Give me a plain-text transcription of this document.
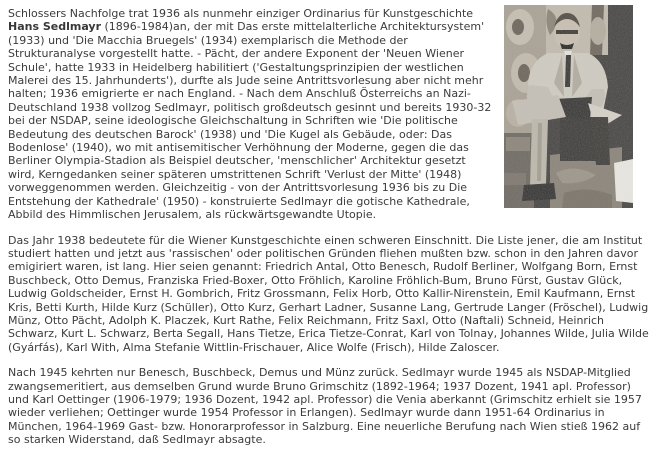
Schlossers Nachfolge trat 1936 als nunmehr einziger Ordinarius für Kunstgeschichte Hans Sedlmayr (1896-1984)an, der mit Das erste mittelalterliche Architektursystem' (1933) und 'Die Macchia Bruegels' (1934) exemplarisch die Methode der Strukturanalyse vorgestellt hatte. - Pächt, der andere Exponent der 'Neuen Wiener Schule', hatte 1933 in Heidelberg habilitiert ('Gestaltungsprinzipien der westlichen Malerei des 15. Jahrhunderts'), durfte als Jude seine Antrittsvorlesung aber nicht mehr halten; 1936 emigrierte er nach England. - Nach dem Anschluß Österreichs an Nazi-Deutschland 1938 vollzog Sedlmayr, politisch großdeutsch gesinnt und bereits 1930-32 bei der NSDAP, seine ideologische Gleichschaltung in Schriften wie 'Die politische Bedeutung des deutschen Barock' (1938) und 'Die Kugel als Gebäude, oder: Das Bodenlose' (1940), wo mit antisemitischer Verhöhnung der Moderne, gegen die das Berliner Olympia-Stadion als Beispiel deutscher, 'menschlicher' Architektur gesetzt wird, Kerngedanken seiner späteren umstrittenen Schrift 'Verlust der Mitte' (1948) vorweggenommen werden. Gleichzeitig - von der Antrittsvorlesung 1936 bis zu Die Entstehung der Kathedrale' (1950) - konstruierte Sedlmayr die gotische Kathedrale, Abbild des Himmlischen Jerusalem, als rückwärtsgewandte Utopie.

Das Jahr 1938 bedeutete für die Wiener Kunstgeschichte einen schweren Einschnitt. Die Liste jener, die am Institut studiert hatten und jetzt aus 'rassischen' oder politischen Gründen fliehen mußten bzw. schon in den Jahren davor emigiriert waren, ist lang. Hier seien genannt: Friedrich Antal, Otto Benesch, Rudolf Berliner, Wolfgang Born, Ernst Buschbeck, Otto Demus, Franziska Fried-Boxer, Otto Fröhlich, Karoline Fröhlich-Bum, Bruno Fürst, Gustav Glück, Ludwig Goldscheider, Ernst H. Gombrich, Fritz Grossmann, Felix Horb, Otto Kallir-Nirenstein, Emil Kaufmann, Ernst Kris, Betti Kurth, Hilde Kurz (Schüller), Otto Kurz, Gerhart Ladner, Susanne Lang, Gertrude Langer (Fröschel), Ludwig Münz, Otto Pächt, Adolph K. Placzek, Kurt Rathe, Felix Reichmann, Fritz Saxl, Otto (Naftali) Schneid, Heinrich Schwarz, Kurt L. Schwarz, Berta Segall, Hans Tietze, Erica Tietze-Conrat, Karl von Tolnay, Johannes Wilde, Julia Wilde (Gyárfás), Karl With, Alma Stefanie Wittlin-Frischauer, Alice Wolfe (Frisch), Hilde Zaloscer.

Nach 1945 kehrten nur Benesch, Buschbeck, Demus und Münz zurück. Sedlmayr wurde 1945 als NSDAP-Mitglied zwangsemeritiert, aus demselben Grund wurde Bruno Grimschitz (1892-1964; 1937 Dozent, 1941 apl. Professor) und Karl Oettinger (1906-1979; 1936 Dozent, 1942 apl. Professor) die Venia aberkannt (Grimschitz erhielt sie 1957 wieder verliehen; Oettinger wurde 1954 Professor in Erlangen). Sedlmayr wurde dann 1951-64 Ordinarius in München, 1964-1969 Gast- bzw. Honorarprofessor in Salzburg. Eine neuerliche Berufung nach Wien stieß 1962 auf so starken Widerstand, daß Sedlmayr absagte.
